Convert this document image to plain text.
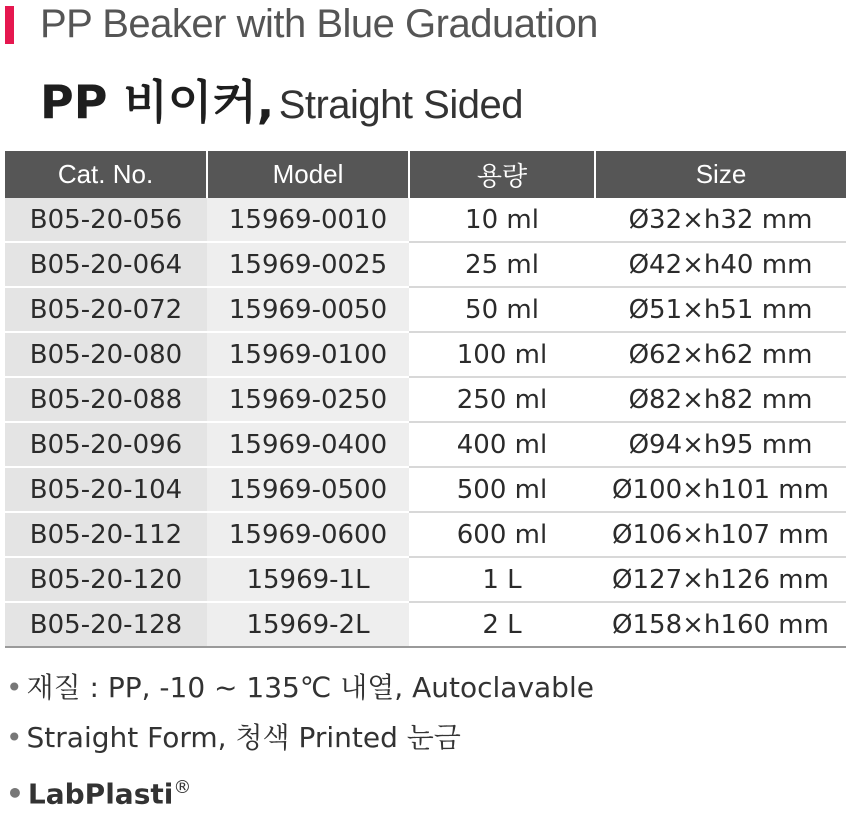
PP Beaker with Blue Graduation
PP 비이커, Straight Sided
Cat. No.	Model	용량	Size
B05-20-056	15969-0010	10 ml	Ø32×h32 mm
B05-20-064	15969-0025	25 ml	Ø42×h40 mm
B05-20-072	15969-0050	50 ml	Ø51×h51 mm
B05-20-080	15969-0100	100 ml	Ø62×h62 mm
B05-20-088	15969-0250	250 ml	Ø82×h82 mm
B05-20-096	15969-0400	400 ml	Ø94×h95 mm
B05-20-104	15969-0500	500 ml	Ø100×h101 mm
B05-20-112	15969-0600	600 ml	Ø106×h107 mm
B05-20-120	15969-1L	1 L	Ø127×h126 mm
B05-20-128	15969-2L	2 L	Ø158×h160 mm
• 재질 : PP, -10 ~ 135℃ 내열, Autoclavable
• Straight Form, 청색 Printed 눈금
• LabPlasti®
